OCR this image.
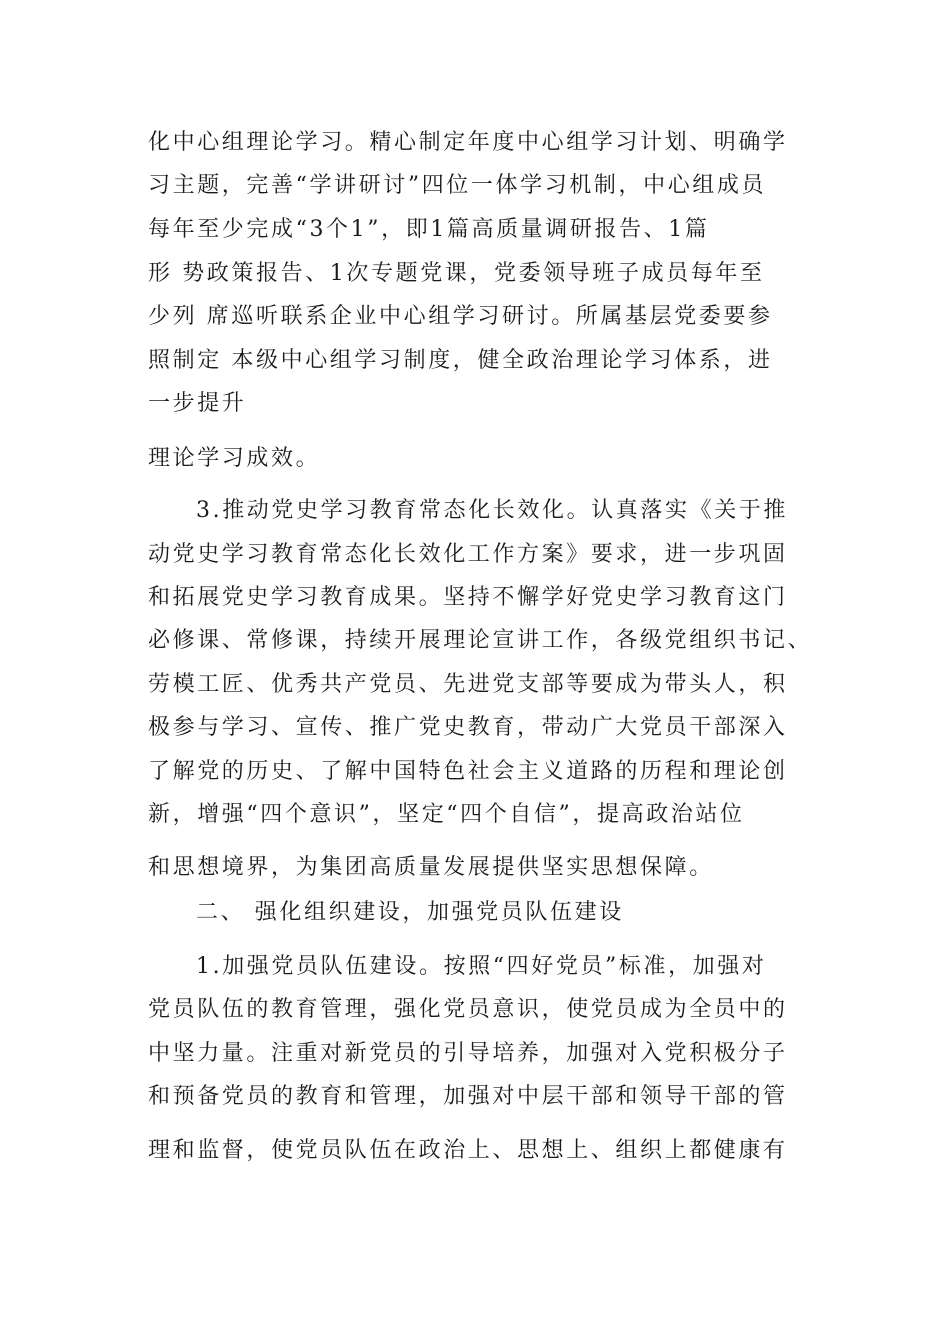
化中心组理论学习。精心制定年度中心组学习计划、明确学
习主题，完善“学讲研讨”四位一体学习机制，中心组成员
每年至少完成“3个1”，即1篇高质量调研报告、1篇
形 势政策报告、1次专题党课，党委领导班子成员每年至
少列 席巡听联系企业中心组学习研讨。所属基层党委要参
照制定 本级中心组学习制度，健全政治理论学习体系，进
一步提升
理论学习成效。
3.推动党史学习教育常态化长效化。认真落实《关于推
动党史学习教育常态化长效化工作方案》要求，进一步巩固
和拓展党史学习教育成果。坚持不懈学好党史学习教育这门
必修课、常修课，持续开展理论宣讲工作，各级党组织书记、
劳模工匠、优秀共产党员、先进党支部等要成为带头人，积
极参与学习、宣传、推广党史教育，带动广大党员干部深入
了解党的历史、了解中国特色社会主义道路的历程和理论创
新，增强“四个意识”，坚定“四个自信”，提高政治站位
和思想境界，为集团高质量发展提供坚实思想保障。
二、 强化组织建设，加强党员队伍建设
1.加强党员队伍建设。按照“四好党员”标准，加强对
党员队伍的教育管理，强化党员意识，使党员成为全员中的
中坚力量。注重对新党员的引导培养，加强对入党积极分子
和预备党员的教育和管理，加强对中层干部和领导干部的管
理和监督，使党员队伍在政治上、思想上、组织上都健康有
